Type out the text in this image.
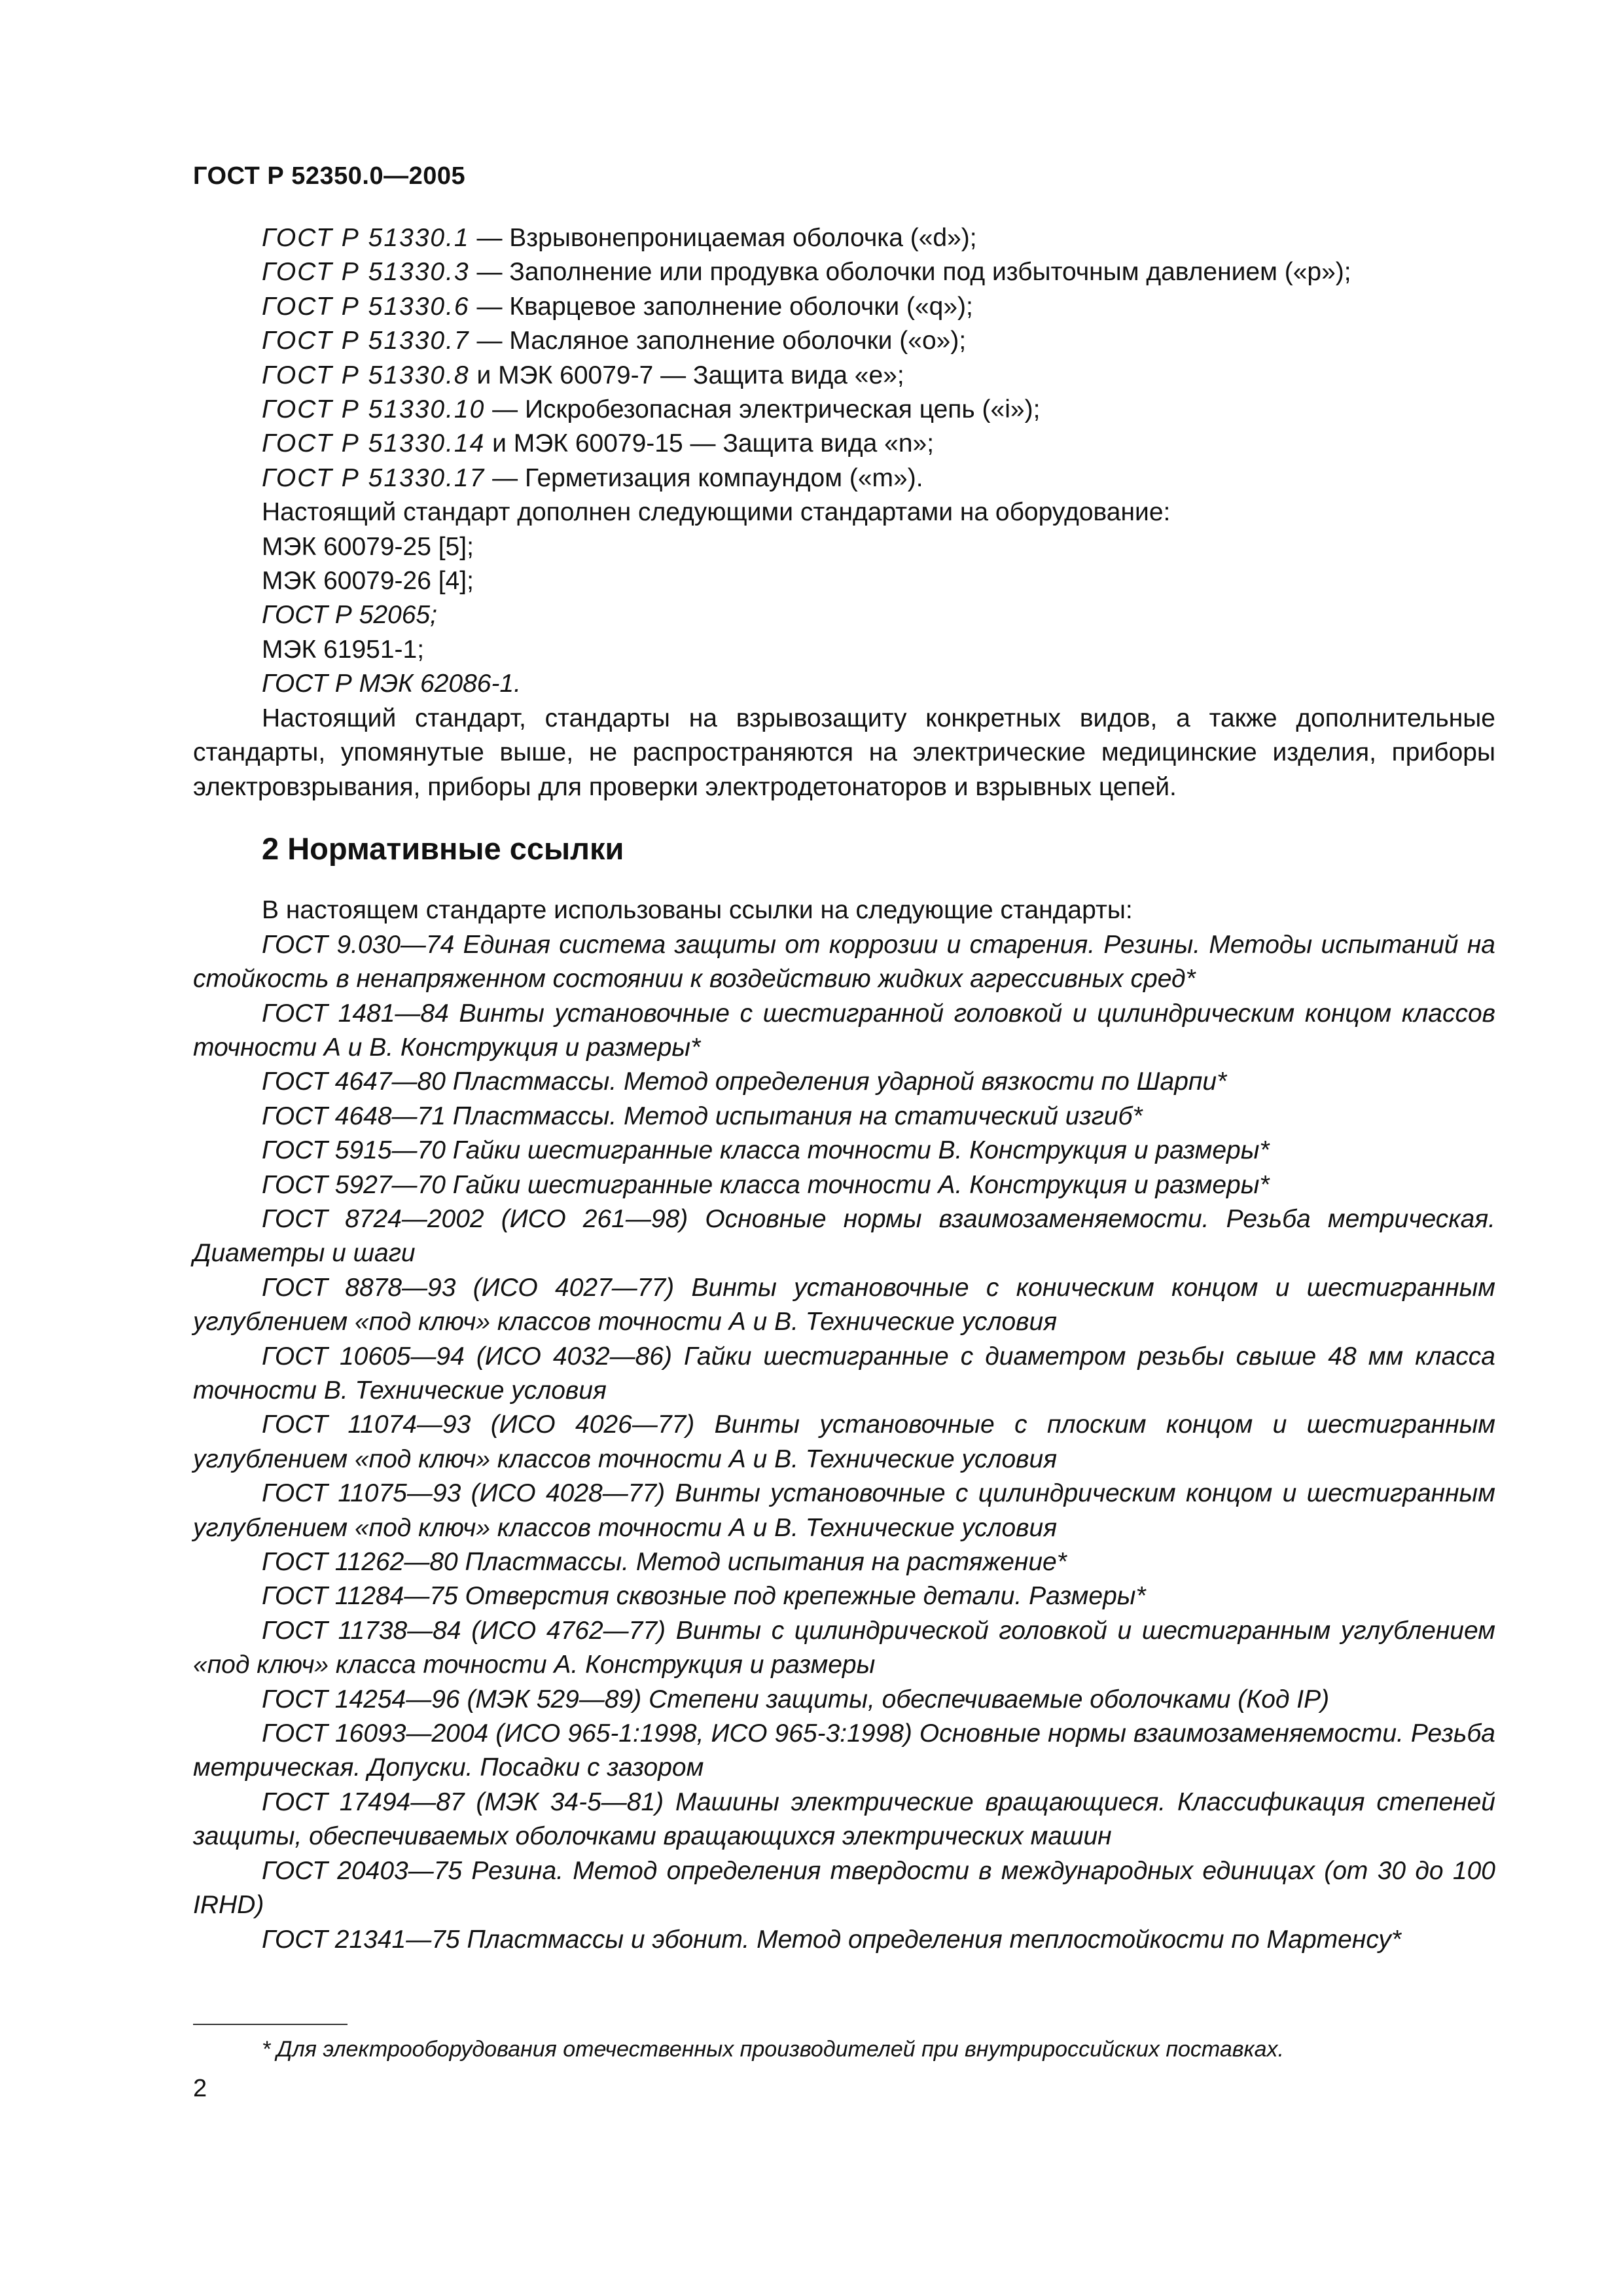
ГОСТ Р 52350.0—2005
ГОСТ Р 51330.1 — Взрывонепроницаемая оболочка («d»);
ГОСТ Р 51330.3 — Заполнение или продувка оболочки под избыточным давлением («р»);
ГОСТ Р 51330.6 — Кварцевое заполнение оболочки («q»);
ГОСТ Р 51330.7 — Масляное заполнение оболочки («о»);
ГОСТ Р 51330.8 и МЭК 60079-7 — Защита вида «е»;
ГОСТ Р 51330.10 — Искробезопасная электрическая цепь («i»);
ГОСТ Р 51330.14 и МЭК 60079-15 — Защита вида «n»;
ГОСТ Р 51330.17 — Герметизация компаундом («m»).
Настоящий стандарт дополнен следующими стандартами на оборудование:
МЭК 60079-25 [5];
МЭК 60079-26 [4];
ГОСТ Р 52065;
МЭК 61951-1;
ГОСТ Р МЭК 62086-1.

Настоящий стандарт, стандарты на взрывозащиту конкретных видов, а также дополнительные стандарты, упомянутые выше, не распространяются на электрические медицинские изделия, приборы электровзрывания, приборы для проверки электродетонаторов и взрывных цепей.

2 Нормативные ссылки
В настоящем стандарте использованы ссылки на следующие стандарты:

ГОСТ 9.030—74 Единая система защиты от коррозии и старения. Резины. Методы испытаний на стойкость в ненапряженном состоянии к воздействию жидких агрессивных сред*

ГОСТ 1481—84 Винты установочные с шестигранной головкой и цилиндрическим концом классов точности А и В. Конструкция и размеры*

ГОСТ 4647—80 Пластмассы. Метод определения ударной вязкости по Шарпи*

ГОСТ 4648—71 Пластмассы. Метод испытания на статический изгиб*

ГОСТ 5915—70 Гайки шестигранные класса точности В. Конструкция и размеры*

ГОСТ 5927—70 Гайки шестигранные класса точности А. Конструкция и размеры*

ГОСТ 8724—2002 (ИСО 261—98) Основные нормы взаимозаменяемости. Резьба метрическая. Диаметры и шаги

ГОСТ 8878—93 (ИСО 4027—77) Винты установочные с коническим концом и шестигранным углублением «под ключ» классов точности А и В. Технические условия

ГОСТ 10605—94 (ИСО 4032—86) Гайки шестигранные с диаметром резьбы свыше 48 мм класса точности В. Технические условия

ГОСТ 11074—93 (ИСО 4026—77) Винты установочные с плоским концом и шестигранным углублением «под ключ» классов точности А и В. Технические условия

ГОСТ 11075—93 (ИСО 4028—77) Винты установочные с цилиндрическим концом и шестигранным углублением «под ключ» классов точности А и В. Технические условия

ГОСТ 11262—80 Пластмассы. Метод испытания на растяжение*

ГОСТ 11284—75 Отверстия сквозные под крепежные детали. Размеры*

ГОСТ 11738—84 (ИСО 4762—77) Винты с цилиндрической головкой и шестигранным углублением «под ключ» класса точности А. Конструкция и размеры

ГОСТ 14254—96 (МЭК 529—89) Степени защиты, обеспечиваемые оболочками (Код IP)

ГОСТ 16093—2004 (ИСО 965-1:1998, ИСО 965-3:1998) Основные нормы взаимозаменяемости. Резьба метрическая. Допуски. Посадки с зазором

ГОСТ 17494—87 (МЭК 34-5—81) Машины электрические вращающиеся. Классификация степеней защиты, обеспечиваемых оболочками вращающихся электрических машин

ГОСТ 20403—75 Резина. Метод определения твердости в международных единицах (от 30 до 100 IRHD)

ГОСТ 21341—75 Пластмассы и эбонит. Метод определения теплостойкости по Мартенсу*

* Для электрооборудования отечественных производителей при внутрироссийских поставках.
2
